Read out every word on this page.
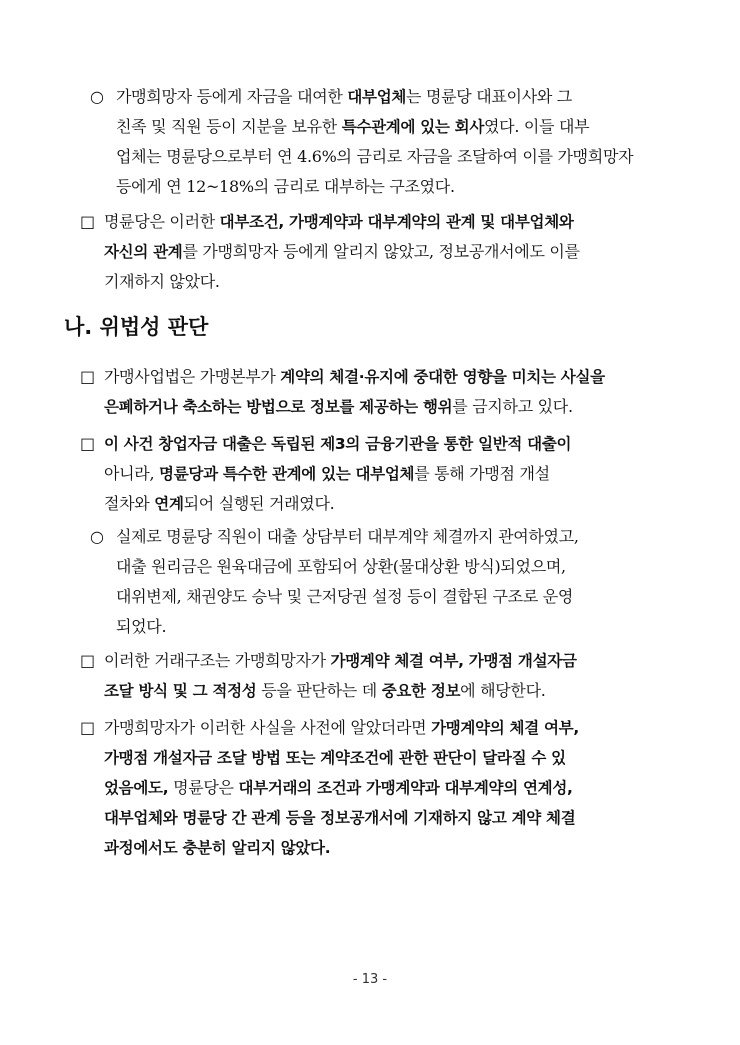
○ 가맹희망자 등에게 자금을 대여한 대부업체는 명륜당 대표이사와 그
친족 및 직원 등이 지분을 보유한 특수관계에 있는 회사였다. 이들 대부
업체는 명륜당으로부터 연 4.6%의 금리로 자금을 조달하여 이를 가맹희망자
등에게 연 12~18%의 금리로 대부하는 구조였다.
□ 명륜당은 이러한 대부조건, 가맹계약과 대부계약의 관계 및 대부업체와
자신의 관계를 가맹희망자 등에게 알리지 않았고, 정보공개서에도 이를
기재하지 않았다.
나. 위법성 판단
□ 가맹사업법은 가맹본부가 계약의 체결·유지에 중대한 영향을 미치는 사실을
은폐하거나 축소하는 방법으로 정보를 제공하는 행위를 금지하고 있다.
□ 이 사건 창업자금 대출은 독립된 제3의 금융기관을 통한 일반적 대출이
아니라, 명륜당과 특수한 관계에 있는 대부업체를 통해 가맹점 개설
절차와 연계되어 실행된 거래였다.
○ 실제로 명륜당 직원이 대출 상담부터 대부계약 체결까지 관여하였고,
대출 원리금은 원육대금에 포함되어 상환(물대상환 방식)되었으며,
대위변제, 채권양도 승낙 및 근저당권 설정 등이 결합된 구조로 운영
되었다.
□ 이러한 거래구조는 가맹희망자가 가맹계약 체결 여부, 가맹점 개설자금
조달 방식 및 그 적정성 등을 판단하는 데 중요한 정보에 해당한다.
□ 가맹희망자가 이러한 사실을 사전에 알았더라면 가맹계약의 체결 여부,
가맹점 개설자금 조달 방법 또는 계약조건에 관한 판단이 달라질 수 있
었음에도, 명륜당은 대부거래의 조건과 가맹계약과 대부계약의 연계성,
대부업체와 명륜당 간 관계 등을 정보공개서에 기재하지 않고 계약 체결
과정에서도 충분히 알리지 않았다.
- 13 -
